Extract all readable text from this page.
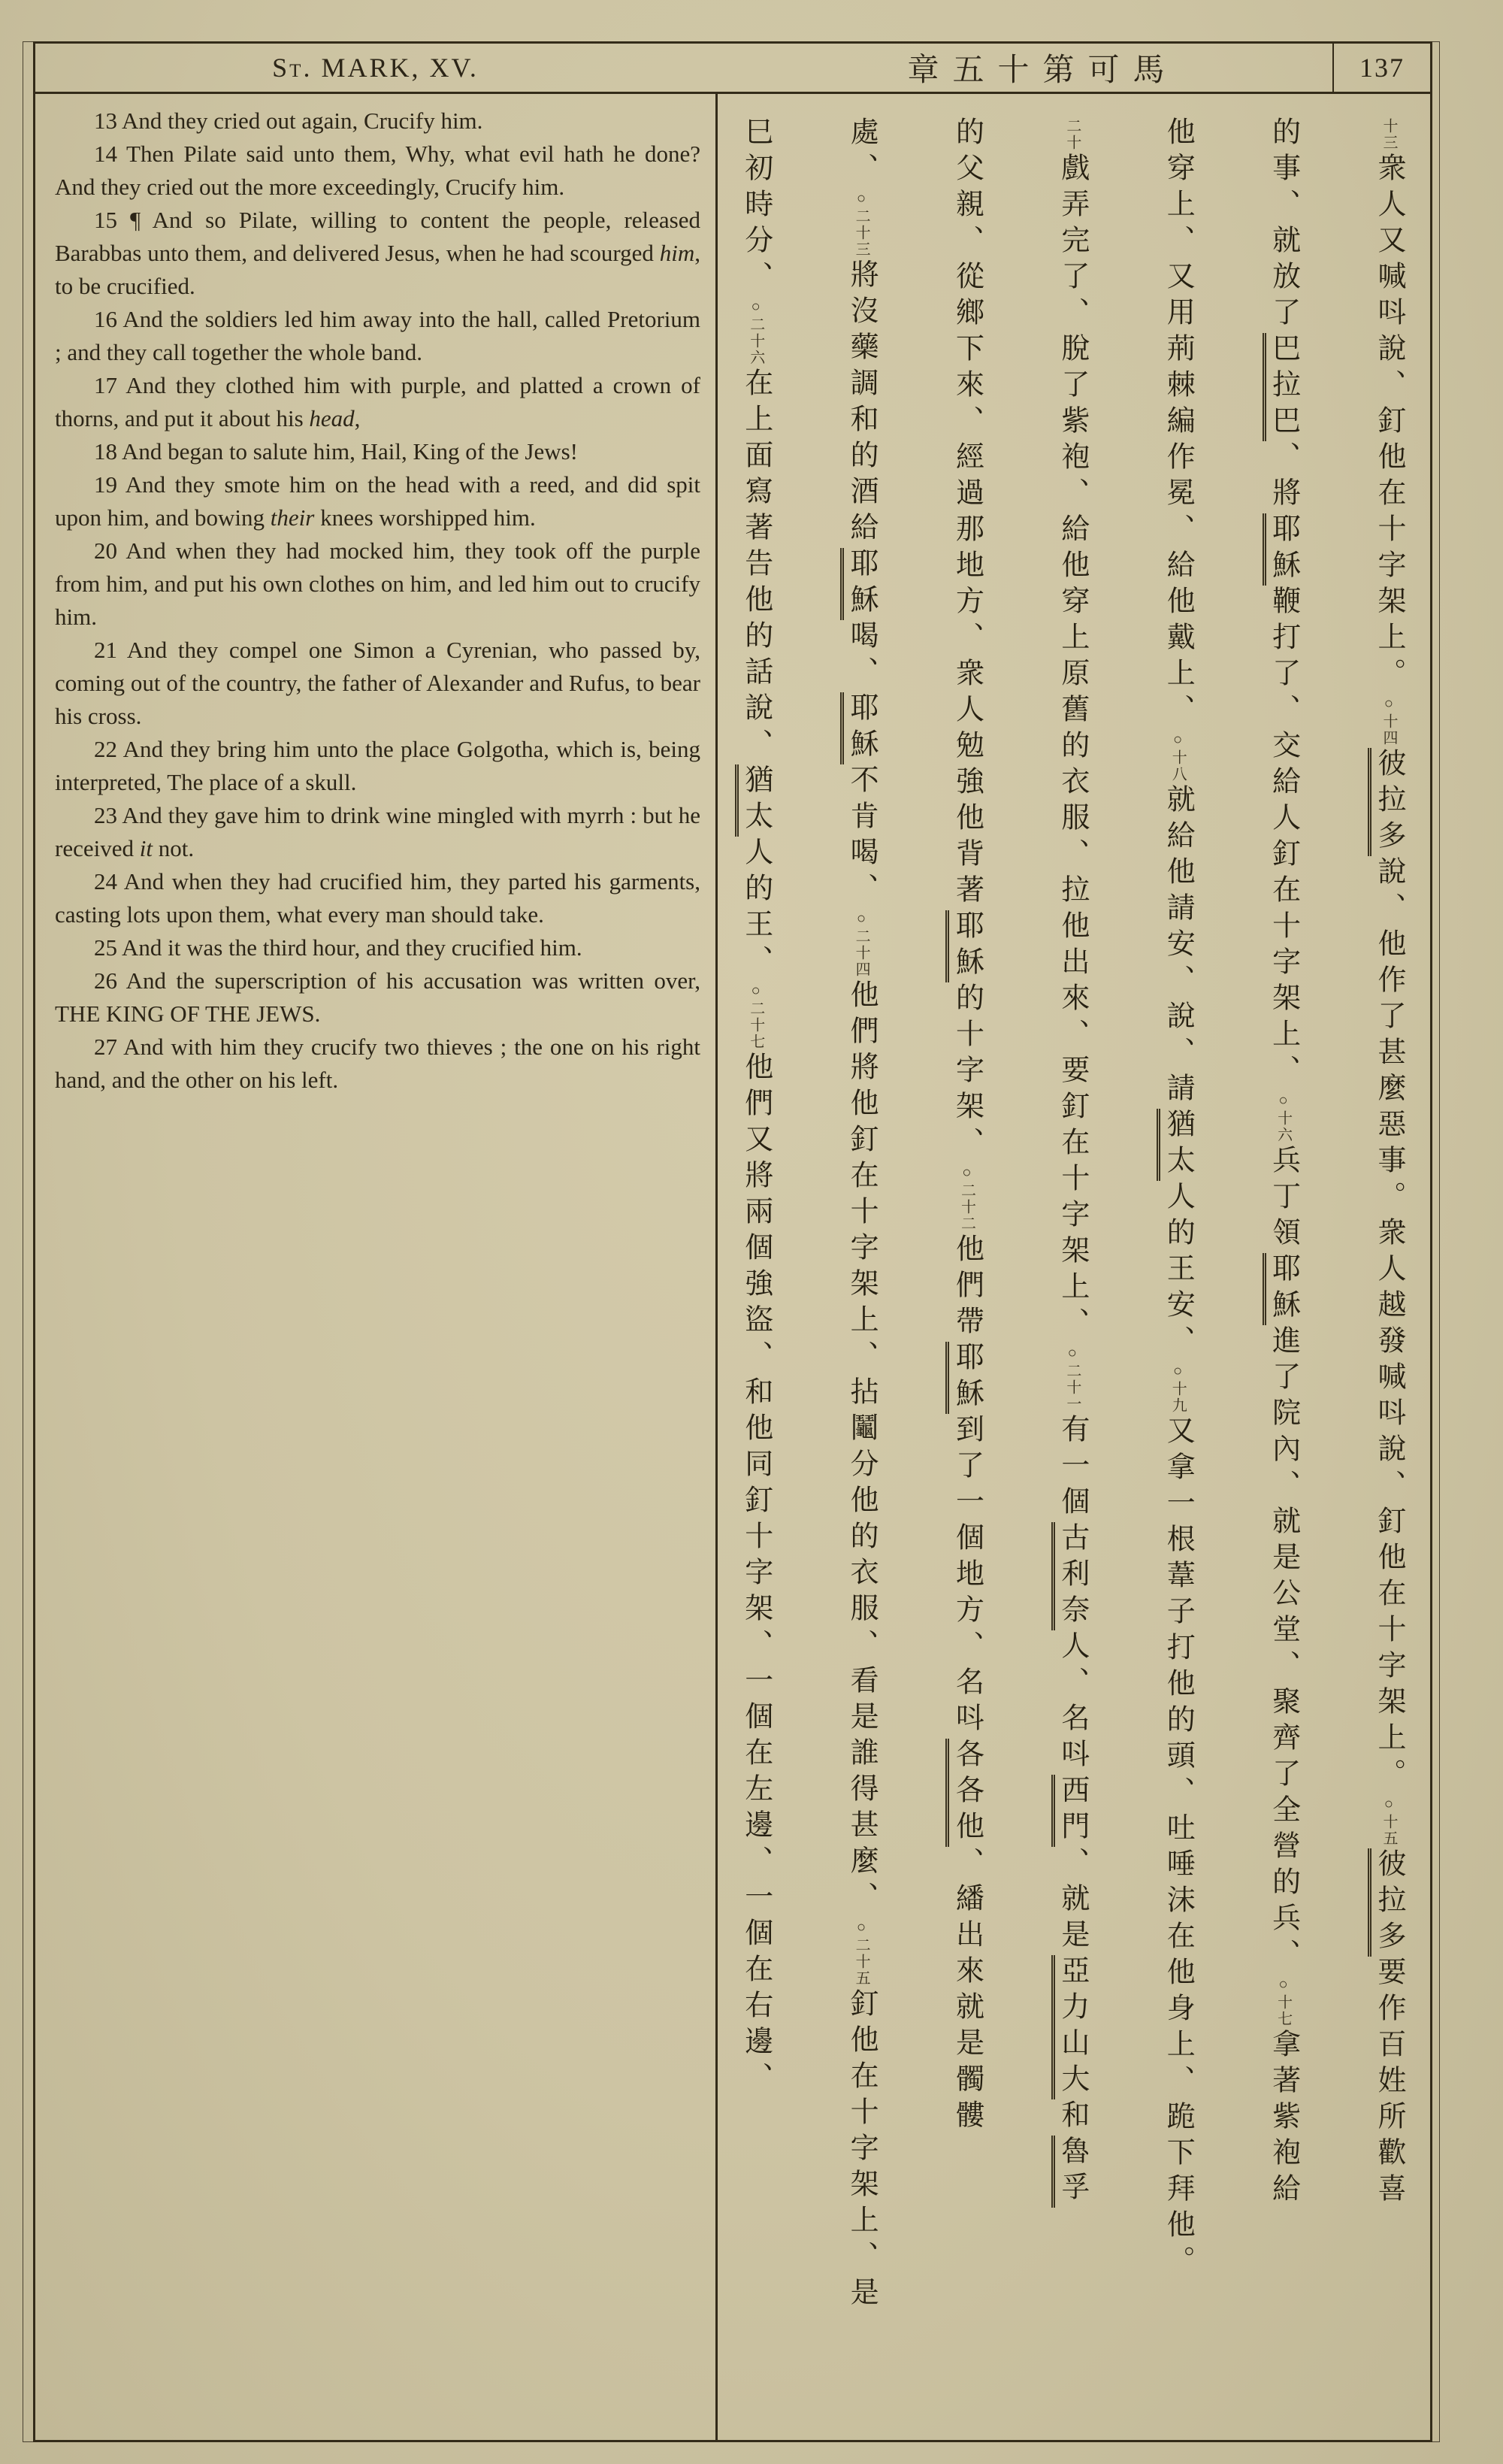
St. MARK, XV.	章五十第可馬	137

13 And they cried out again, Crucify him.

14 Then Pilate said unto them, Why, what evil hath he done? And they cried out the more exceedingly, Crucify him.

15 ¶ And so Pilate, willing to content the people, released Barabbas unto them, and delivered Jesus, when he had scourged him, to be crucified.

16 And the soldiers led him away into the hall, called Pretorium ; and they call together the whole band.

17 And they clothed him with purple, and platted a crown of thorns, and put it about his head,

18 And began to salute him, Hail, King of the Jews!

19 And they smote him on the head with a reed, and did spit upon him, and bowing their knees worshipped him.

20 And when they had mocked him, they took off the purple from him, and put his own clothes on him, and led him out to crucify him.

21 And they compel one Simon a Cyrenian, who passed by, coming out of the country, the father of Alexander and Rufus, to bear his cross.

22 And they bring him unto the place Golgotha, which is, being interpreted, The place of a skull.

23 And they gave him to drink wine mingled with myrrh : but he received it not.

24 And when they had crucified him, they parted his garments, casting lots upon them, what every man should take.

25 And it was the third hour, and they crucified him.

26 And the superscription of his accusation was written over, THE KING OF THE JEWS.

27 And with him they crucify two thieves ; the one on his right hand, and the other on his left.

十三衆人又喊呌說、釘他在十字架上。○十四彼拉多說、他作了甚麼惡事。衆人越發喊呌說、釘他在十字架上。○十五彼拉多要作百姓所歡喜
的事、就放了巴拉巴、將耶穌鞭打了、交給人釘在十字架上、○十六兵丁領耶穌進了院內、就是公堂、聚齊了全營的兵、○十七拿著紫袍給
他穿上、又用荊棘編作冕、給他戴上、○十八就給他請安、說、請猶太人的王安、○十九又拿一根葦子打他的頭、吐唾沫在他身上、跪下拜他。
二十戲弄完了、脫了紫袍、給他穿上原舊的衣服、拉他出來、要釘在十字架上、○二十一有一個古利奈人、名呌西門、就是亞力山大和魯孚
的父親、從鄉下來、經過那地方、衆人勉強他背著耶穌的十字架、○二十二他們帶耶穌到了一個地方、名呌各各他、繙出來就是髑髏
處、○二十三將沒藥調和的酒給耶穌喝、耶穌不肯喝、○二十四他們將他釘在十字架上、拈鬮分他的衣服、看是誰得甚麼、○二十五釘他在十字架上、是
巳初時分、○二十六在上面寫著告他的話說、猶太人的王、○二十七他們又將兩個強盜、和他同釘十字架、一個在左邊、一個在右邊、
